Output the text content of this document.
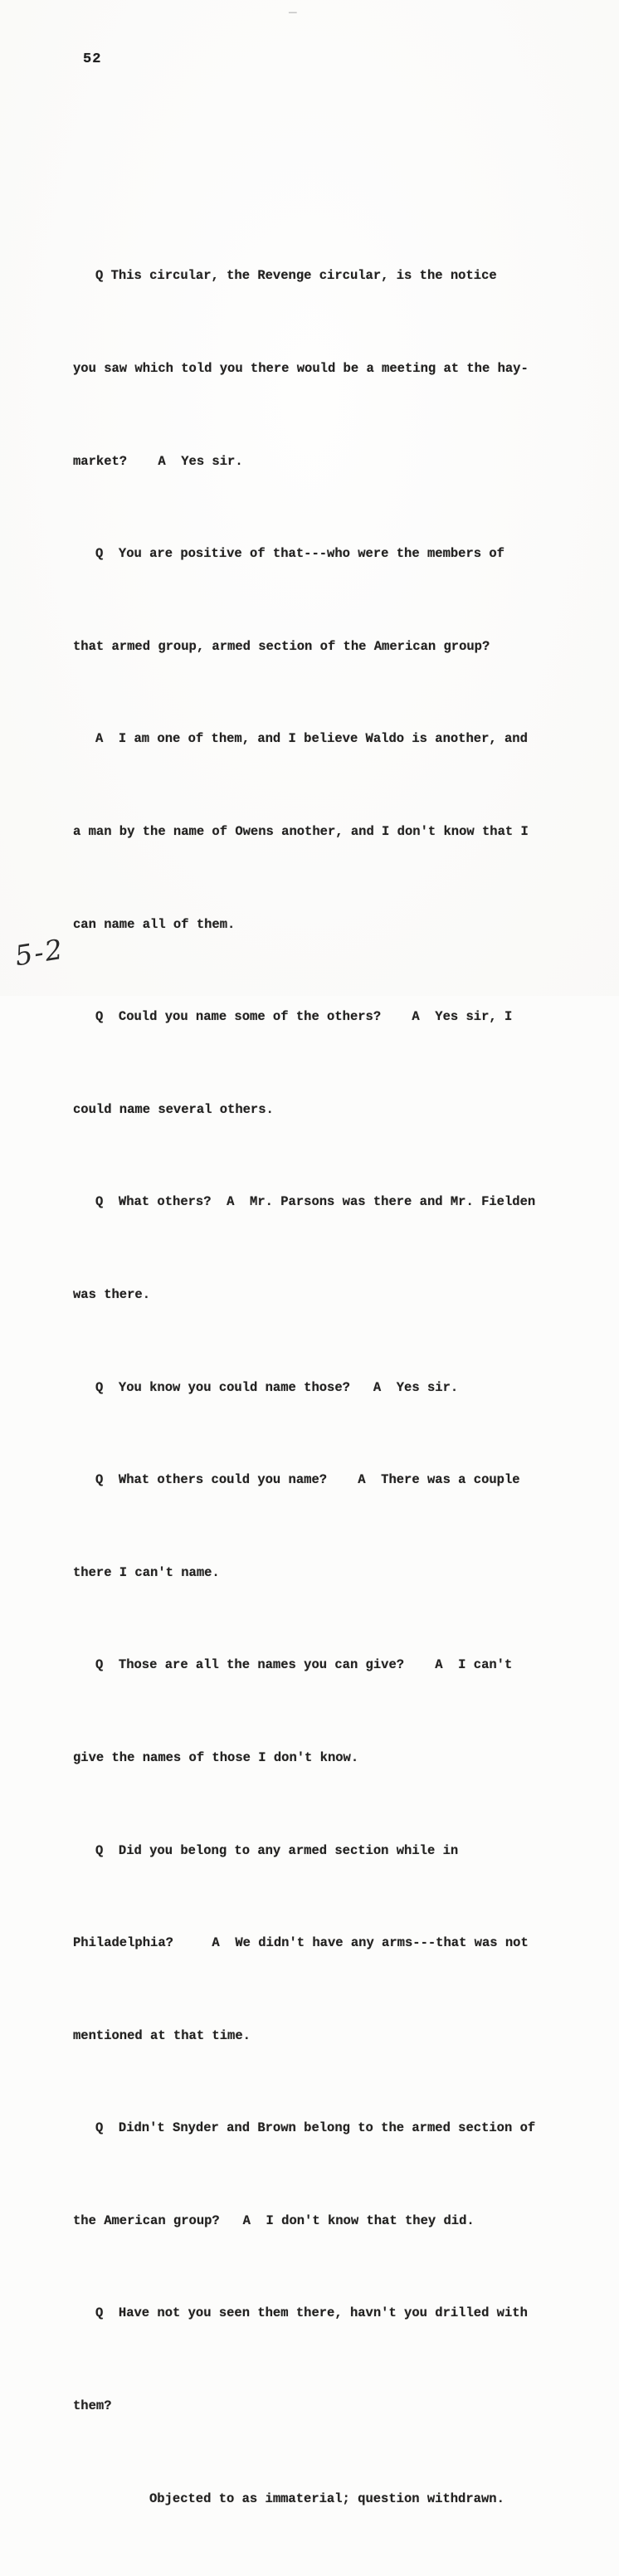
—
52

Q This circular, the Revenge circular, is the notice

you saw which told you there would be a meeting at the hay-

market?    A  Yes sir.

Q  You are positive of that---who were the members of

that armed group, armed section of the American group?

A  I am one of them, and I believe Waldo is another, and

a man by the name of Owens another, and I don't know that I

can name all of them.

Q  Could you name some of the others?    A  Yes sir, I

could name several others.

Q  What others?  A  Mr. Parsons was there and Mr. Fielden

was there.

Q  You know you could name those?   A  Yes sir.

Q  What others could you name?    A  There was a couple

there I can't name.

Q  Those are all the names you can give?    A  I can't

give the names of those I don't know.

Q  Did you belong to any armed section while in

Philadelphia?     A  We didn't have any arms---that was not

mentioned at that time.

Q  Didn't Snyder and Brown belong to the armed section of

the American group?   A  I don't know that they did.

Q  Have not you seen them there, havn't you drilled with

them?

Objected to as immaterial; question withdrawn.

5-2
